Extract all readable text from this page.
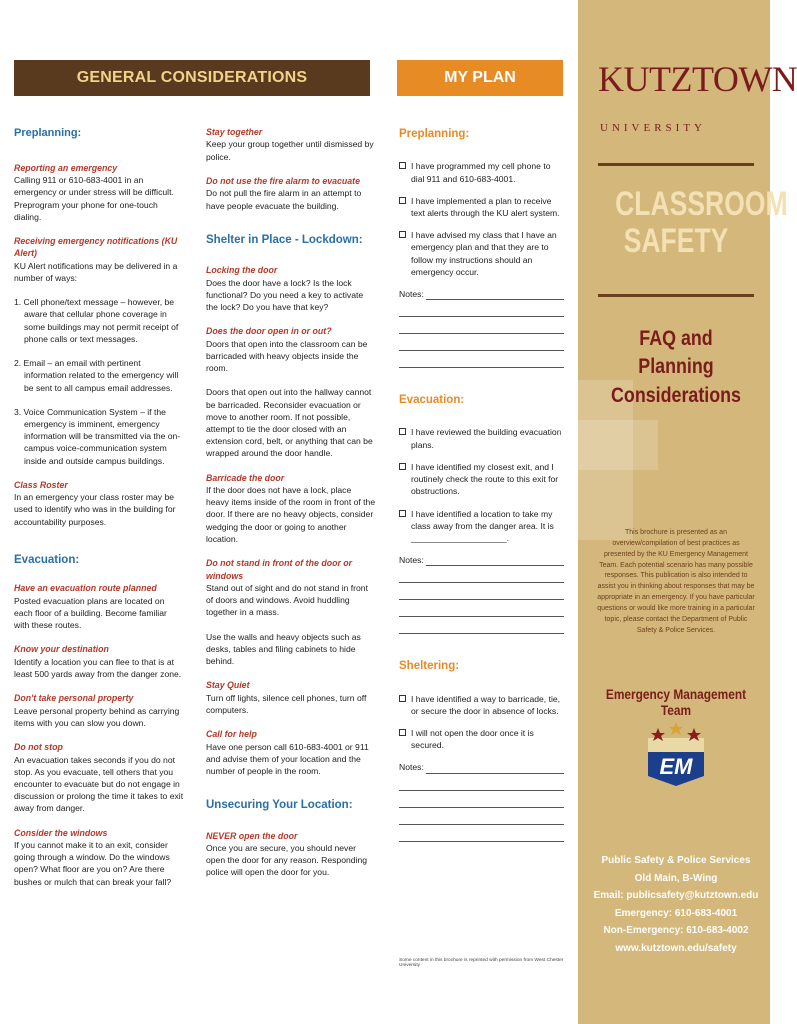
GENERAL CONSIDERATIONS	MY PLAN
Preplanning:
Reporting an emergency
Calling 911 or 610-683-4001 in an emergency or under stress will be difficult. Preprogram your phone for one-touch dialing.
Receiving emergency notifications (KU Alert)
KU Alert notifications may be delivered in a number of ways:
1. Cell phone/text message – however, be aware that cellular phone coverage in some buildings may not permit receipt of phone calls or text messages.
2. Email – an email with pertinent information related to the emergency will be sent to all campus email addresses.
3. Voice Communication System – if the emergency is imminent, emergency information will be transmitted via the on-campus voice-communication system inside and outside campus buildings.
Class Roster
In an emergency your class roster may be used to identify who was in the building for accountability purposes.
Evacuation:
Have an evacuation route planned
Posted evacuation plans are located on each floor of a building. Become familiar with these routes.
Know your destination
Identify a location you can flee to that is at least 500 yards away from the danger zone.
Don't take personal property
Leave personal property behind as carrying items with you can slow you down.
Do not stop
An evacuation takes seconds if you do not stop. As you evacuate, tell others that you encounter to evacuate but do not engage in discussion or prolong the time it takes to exit away from danger.
Consider the windows
If you cannot make it to an exit, consider going through a window. Do the windows open? What floor are you on? Are there bushes or mulch that can break your fall?
Stay together
Keep your group together until dismissed by police.
Do not use the fire alarm to evacuate
Do not pull the fire alarm in an attempt to have people evacuate the building.
Shelter in Place - Lockdown:
Locking the door
Does the door have a lock? Is the lock functional? Do you need a key to activate the lock? Do you have that key?
Does the door open in or out?
Doors that open into the classroom can be barricaded with heavy objects inside the room.
Doors that open out into the hallway cannot be barricaded. Reconsider evacuation or move to another room. If not possible, attempt to tie the door closed with an extension cord, belt, or anything that can be wrapped around the door handle.
Barricade the door
If the door does not have a lock, place heavy items inside of the room in front of the door. If there are no heavy objects, consider wedging the door or going to another location.
Do not stand in front of the door or windows
Stand out of sight and do not stand in front of doors and windows. Avoid huddling together in a mass.
Use the walls and heavy objects such as desks, tables and filing cabinets to hide behind.
Stay Quiet
Turn off lights, silence cell phones, turn off computers.
Call for help
Have one person call 610-683-4001 or 911 and advise them of your location and the number of people in the room.
Unsecuring Your Location:
NEVER open the door
Once you are secure, you should never open the door for any reason. Responding police will open the door for you.
Preplanning:
I have programmed my cell phone to dial 911 and 610-683-4001.
I have implemented a plan to receive text alerts through the KU alert system.
I have advised my class that I have an emergency plan and that they are to follow my instructions should an emergency occur.
Notes:
Evacuation:
I have reviewed the building evacuation plans.
I have identified my closest exit, and I routinely check the route to this exit for obstructions.
I have identified a location to take my class away from the danger area. It is ____________________.
Notes:
Sheltering:
I have identified a way to barricade, tie, or secure the door in absence of locks.
I will not open the door once it is secured.
Notes:
Some content in this brochure is reprinted with permission from West Chester University
KUTZTOWN
UNIVERSITY
CLASSROOM
SAFETY
FAQ and Planning
Considerations
This brochure is presented as an overview/compilation of best practices as presented by the KU Emergency Management Team. Each potential scenario has many possible responses. This publication is also intended to assist you in thinking about responses that may be appropriate in an emergency. If you have particular questions or would like more training in a particular topic, please contact the Department of Public Safety & Police Services.
Emergency Management Team
EM
Public Safety & Police Services
Old Main, B-Wing
Email: publicsafety@kutztown.edu
Emergency: 610-683-4001
Non-Emergency: 610-683-4002
www.kutztown.edu/safety
